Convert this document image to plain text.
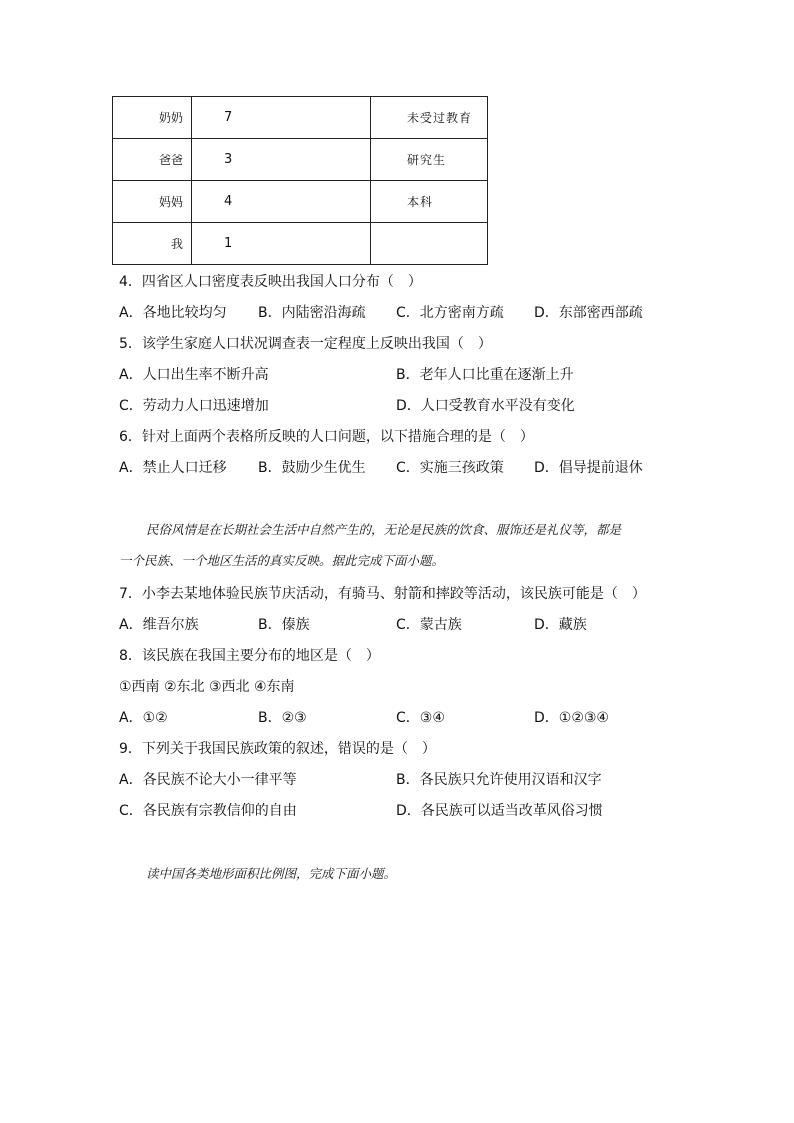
奶奶	7	未受过教育
爸爸	3	研究生
妈妈	4	本科
我	1	
4．四省区人口密度表反映出我国人口分布（　）
A．各地比较均匀 B．内陆密沿海疏 C．北方密南方疏 D．东部密西部疏
5．该学生家庭人口状况调查表一定程度上反映出我国（　）
A．人口出生率不断升高	B．老年人口比重在逐渐上升
C．劳动力人口迅速增加	D．人口受教育水平没有变化
6．针对上面两个表格所反映的人口问题，以下措施合理的是（　）
A．禁止人口迁移 B．鼓励少生优生 C．实施三孩政策 D．倡导提前退休
民俗风情是在长期社会生活中自然产生的，无论是民族的饮食、服饰还是礼仪等，都是
一个民族、一个地区生活的真实反映。据此完成下面小题。
7．小李去某地体验民族节庆活动，有骑马、射箭和摔跤等活动，该民族可能是（　）
A．维吾尔族	B．傣族	C．蒙古族	D．藏族
8．该民族在我国主要分布的地区是（　）
①西南 ②东北 ③西北 ④东南
A．①②	B．②③	C．③④	D．①②③④
9．下列关于我国民族政策的叙述，错误的是（　）
A．各民族不论大小一律平等	B．各民族只允许使用汉语和汉字
C．各民族有宗教信仰的自由	D．各民族可以适当改革风俗习惯
读中国各类地形面积比例图，完成下面小题。
